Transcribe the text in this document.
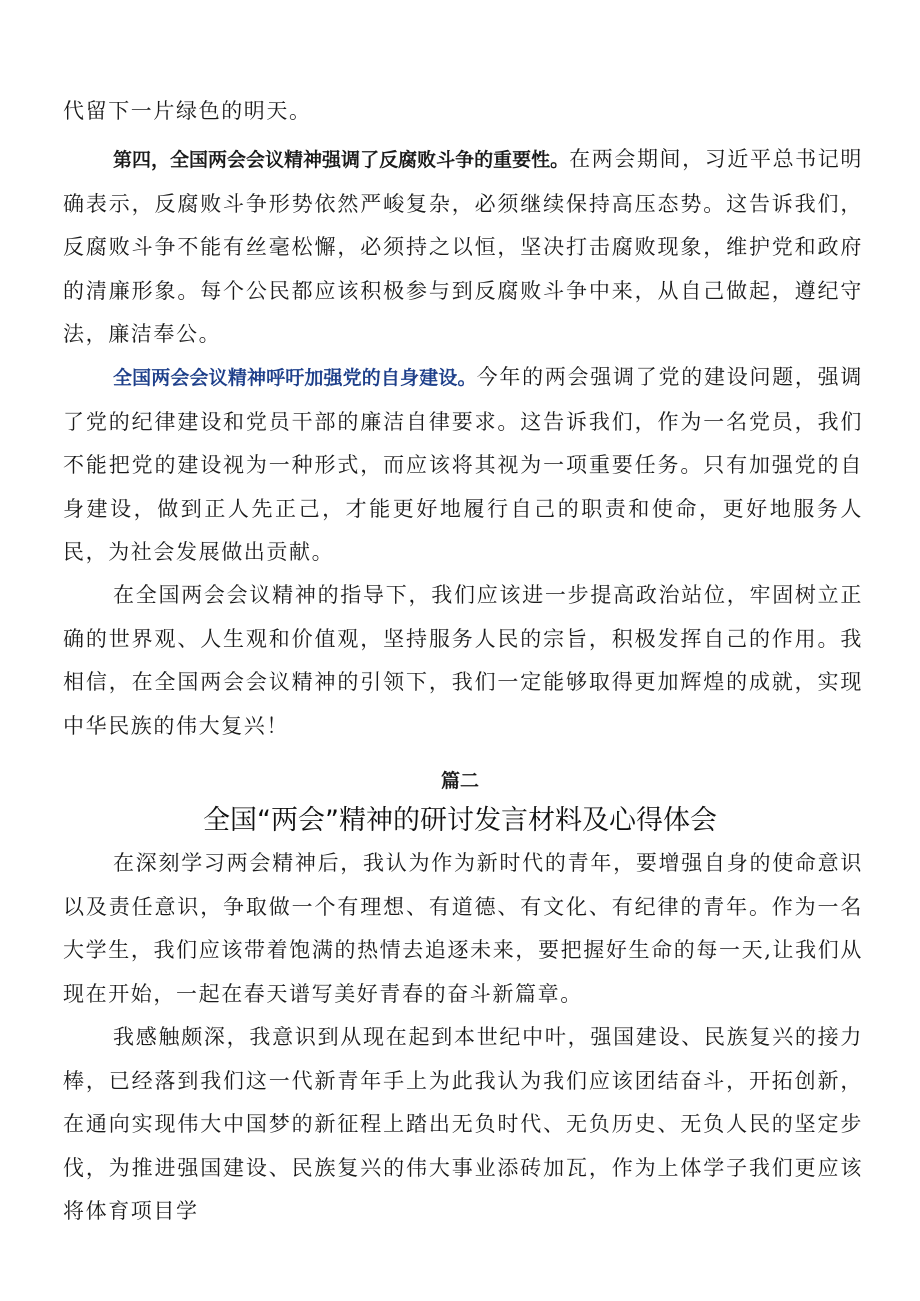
代留下一片绿色的明天。

第四，全国两会会议精神强调了反腐败斗争的重要性。在两会期间，习近平总书记明确表示，反腐败斗争形势依然严峻复杂，必须继续保持高压态势。这告诉我们，反腐败斗争不能有丝毫松懈，必须持之以恒，坚决打击腐败现象，维护党和政府的清廉形象。每个公民都应该积极参与到反腐败斗争中来，从自己做起，遵纪守法，廉洁奉公。

全国两会会议精神呼吁加强党的自身建设。今年的两会强调了党的建设问题，强调了党的纪律建设和党员干部的廉洁自律要求。这告诉我们，作为一名党员，我们不能把党的建设视为一种形式，而应该将其视为一项重要任务。只有加强党的自身建设，做到正人先正己，才能更好地履行自己的职责和使命，更好地服务人民，为社会发展做出贡献。

在全国两会会议精神的指导下，我们应该进一步提高政治站位，牢固树立正确的世界观、人生观和价值观，坚持服务人民的宗旨，积极发挥自己的作用。我相信，在全国两会会议精神的引领下，我们一定能够取得更加辉煌的成就，实现中华民族的伟大复兴！

篇二

全国“两会”精神的研讨发言材料及心得体会

在深刻学习两会精神后，我认为作为新时代的青年，要增强自身的使命意识以及责任意识，争取做一个有理想、有道德、有文化、有纪律的青年。作为一名大学生，我们应该带着饱满的热情去追逐未来，要把握好生命的每一天,让我们从现在开始，一起在春天谱写美好青春的奋斗新篇章。

我感触颇深，我意识到从现在起到本世纪中叶，强国建设、民族复兴的接力棒，已经落到我们这一代新青年手上为此我认为我们应该团结奋斗，开拓创新，在通向实现伟大中国梦的新征程上踏出无负时代、无负历史、无负人民的坚定步伐，为推进强国建设、民族复兴的伟大事业添砖加瓦，作为上体学子我们更应该将体育项目学
